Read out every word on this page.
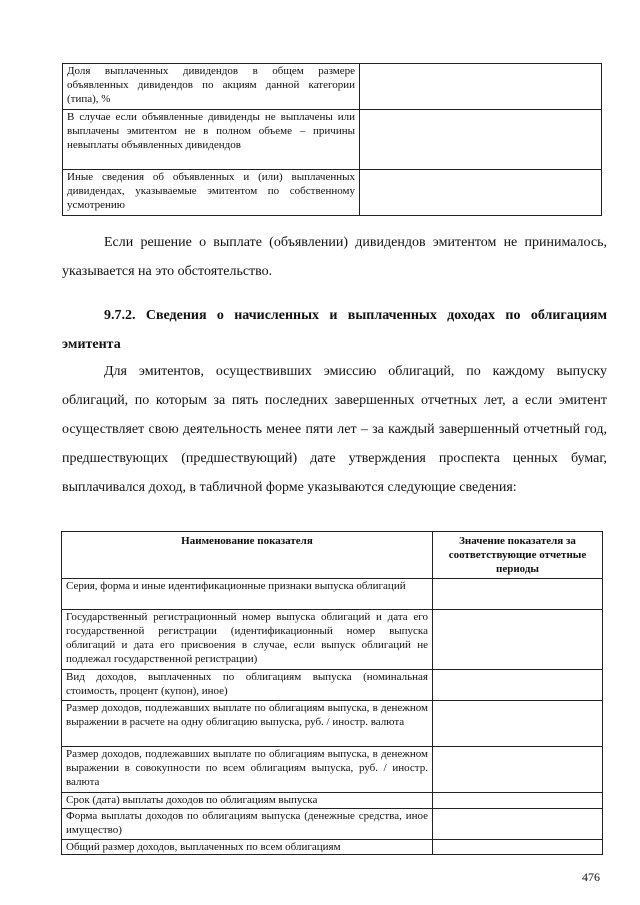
Доля выплаченных дивидендов в общем размере объявленных дивидендов по акциям данной категории (типа), %	

В случае если объявленные дивиденды не выплачены или выплачены эмитентом не в полном объеме – причины невыплаты объявленных дивидендов	

Иные сведения об объявленных и (или) выплаченных дивидендах, указываемые эмитентом по собственному усмотрению	

Если решение о выплате (объявлении) дивидендов эмитентом не принималось, указывается на это обстоятельство.
9.7.2. Сведения о начисленных и выплаченных доходах по облигациям эмитента
Для эмитентов, осуществивших эмиссию облигаций, по каждому выпуску облигаций, по которым за пять последних завершенных отчетных лет, а если эмитент осуществляет свою деятельность менее пяти лет – за каждый завершенный отчетный год, предшествующих (предшествующий) дате утверждения проспекта ценных бумаг, выплачивался доход, в табличной форме указываются следующие сведения:
Наименование показателя	Значение показателя за соответствующие отчетные периоды

Серия, форма и иные идентификационные признаки выпуска облигаций	

Государственный регистрационный номер выпуска облигаций и дата его государственной регистрации (идентификационный номер выпуска облигаций и дата его присвоения в случае, если выпуск облигаций не подлежал государственной регистрации)	

Вид доходов, выплаченных по облигациям выпуска (номинальная стоимость, процент (купон), иное)	

Размер доходов, подлежавших выплате по облигациям выпуска, в денежном выражении в расчете на одну облигацию выпуска, руб. / иностр. валюта	

Размер доходов, подлежавших выплате по облигациям выпуска, в денежном выражении в совокупности по всем облигациям выпуска, руб. / иностр. валюта	

Срок (дата) выплаты доходов по облигациям выпуска	

Форма выплаты доходов по облигациям выпуска (денежные средства, иное имущество)	

Общий размер доходов, выплаченных по всем облигациям	

476
